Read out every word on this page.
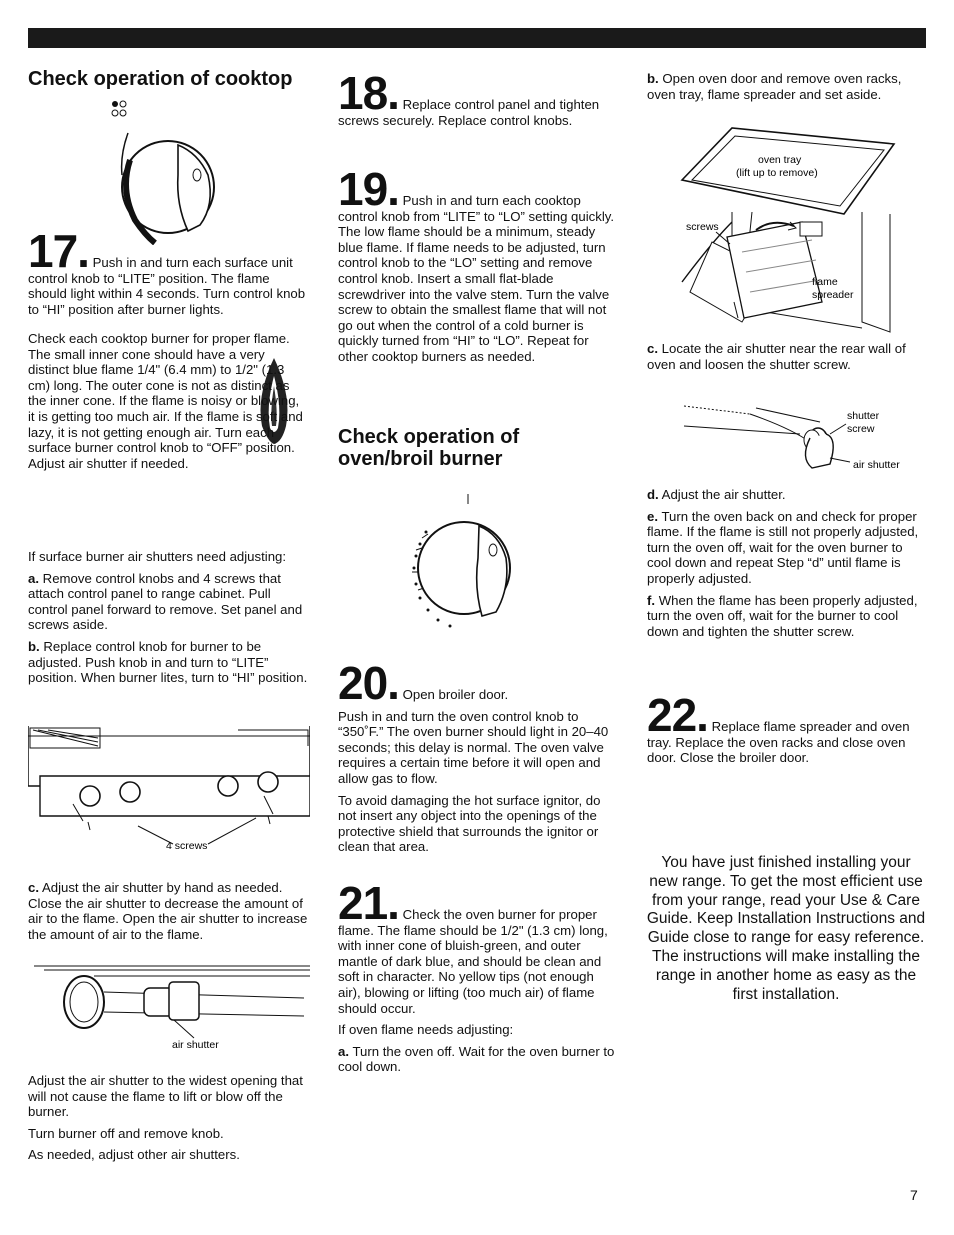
Check operation of cooktop
17. Push in and turn each surface unit control knob to “LITE” position. The flame should light within 4 seconds. Turn control knob to “HI” position after burner lights.

Check each cooktop burner for proper flame. The small inner cone should have a very distinct blue flame 1/4" (6.4 mm) to 1/2" (1.3 cm) long. The outer cone is not as distinct as the inner cone. If the flame is noisy or blowing, it is getting too much air. If the flame is soft and lazy, it is not getting enough air. Turn each surface burner control knob to “OFF” position. Adjust air shutter if needed.

If surface burner air shutters need adjusting:

a. Remove control knobs and 4 screws that attach control panel to range cabinet. Pull control panel forward to remove. Set panel and screws aside.

b. Replace control knob for burner to be adjusted. Push knob in and turn to “LITE” position. When burner lites, turn to “HI” position.

4 screws

c. Adjust the air shutter by hand as needed. Close the air shutter to decrease the amount of air to the flame. Open the air shutter to increase the amount of air to the flame.

air shutter

Adjust the air shutter to the widest opening that will not cause the flame to lift or blow off the burner.

Turn burner off and remove knob.

As needed, adjust other air shutters.

18. Replace control panel and tighten screws securely. Replace control knobs.
19. Push in and turn each cooktop control knob from “LITE” to “LO” setting quickly. The low flame should be a minimum, steady blue flame. If flame needs to be adjusted, turn control knob to the “LO” setting and remove control knob. Insert a small flat-blade screwdriver into the valve stem. Turn the valve screw to obtain the smallest flame that will not go out when the control of a cold burner is quickly turned from “HI” to “LO”. Repeat for other cooktop burners as needed.
Check operation of oven/broil burner
20. Open broiler door.

Push in and turn the oven control knob to “350˚F.” The oven burner should light in 20–40 seconds; this delay is normal. The oven valve requires a certain time before it will open and allow gas to flow.

To avoid damaging the hot surface ignitor, do not insert any object into the openings of the protective shield that surrounds the ignitor or clean that area.

21. Check the oven burner for proper flame. The flame should be 1/2" (1.3 cm) long, with inner cone of bluish-green, and outer mantle of dark blue, and should be clean and soft in character. No yellow tips (not enough air), blowing or lifting (too much air) of flame should occur.

If oven flame needs adjusting:

a. Turn the oven off. Wait for the oven burner to cool down.

b. Open oven door and remove oven racks, oven tray, flame spreader and set aside.

oven tray
(lift up to remove)
screws
flame
spreader

c. Locate the air shutter near the rear wall of oven and loosen the shutter screw.

shutter
screw
air shutter

d. Adjust the air shutter.

e. Turn the oven back on and check for proper flame. If the flame is still not properly adjusted, turn the oven off, wait for the oven burner to cool down and repeat Step “d” until flame is properly adjusted.

f. When the flame has been properly adjusted, turn the oven off, wait for the burner to cool down and tighten the shutter screw.

22. Replace flame spreader and oven tray. Replace the oven racks and close oven door. Close the broiler door.
You have just finished installing your new range. To get the most efficient use from your range, read your Use & Care Guide. Keep Installation Instructions and Guide close to range for easy reference. The instructions will make installing the range in another home as easy as the first installation.
7
